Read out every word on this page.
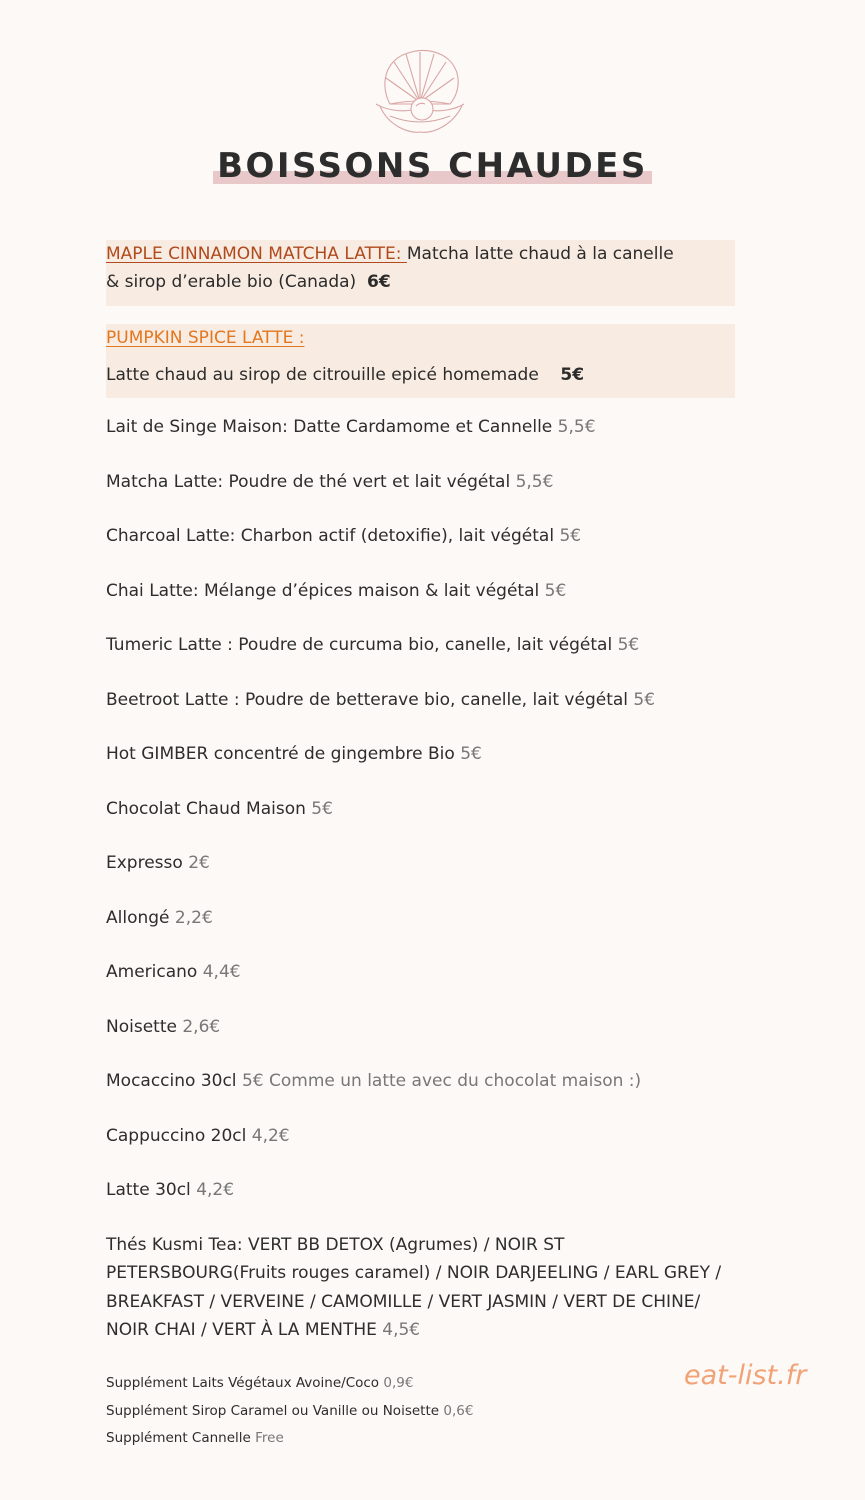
BOISSONS CHAUDES
MAPLE CINNAMON MATCHA LATTE: Matcha latte chaud à la canelle
& sirop d’erable bio (Canada) 6€
PUMPKIN SPICE LATTE :
Latte chaud au sirop de citrouille epicé homemade 5€
Lait de Singe Maison: Datte Cardamome et Cannelle 5,5€
Matcha Latte: Poudre de thé vert et lait végétal 5,5€
Charcoal Latte: Charbon actif (detoxifie), lait végétal 5€
Chai Latte: Mélange d’épices maison & lait végétal 5€
Tumeric Latte : Poudre de curcuma bio, canelle, lait végétal 5€
Beetroot Latte : Poudre de betterave bio, canelle, lait végétal 5€
Hot GIMBER concentré de gingembre Bio 5€
Chocolat Chaud Maison 5€
Expresso 2€
Allongé 2,2€
Americano 4,4€
Noisette 2,6€
Mocaccino 30cl 5€ Comme un latte avec du chocolat maison :)
Cappuccino 20cl 4,2€
Latte 30cl 4,2€
Thés Kusmi Tea: VERT BB DETOX (Agrumes) / NOIR ST PETERSBOURG(Fruits rouges caramel) / NOIR DARJEELING / EARL GREY / BREAKFAST / VERVEINE / CAMOMILLE / VERT JASMIN / VERT DE CHINE/ NOIR CHAI / VERT À LA MENTHE 4,5€
Supplément Laits Végétaux Avoine/Coco 0,9€
Supplément Sirop Caramel ou Vanille ou Noisette 0,6€
Supplément Cannelle Free
eat-list.fr
